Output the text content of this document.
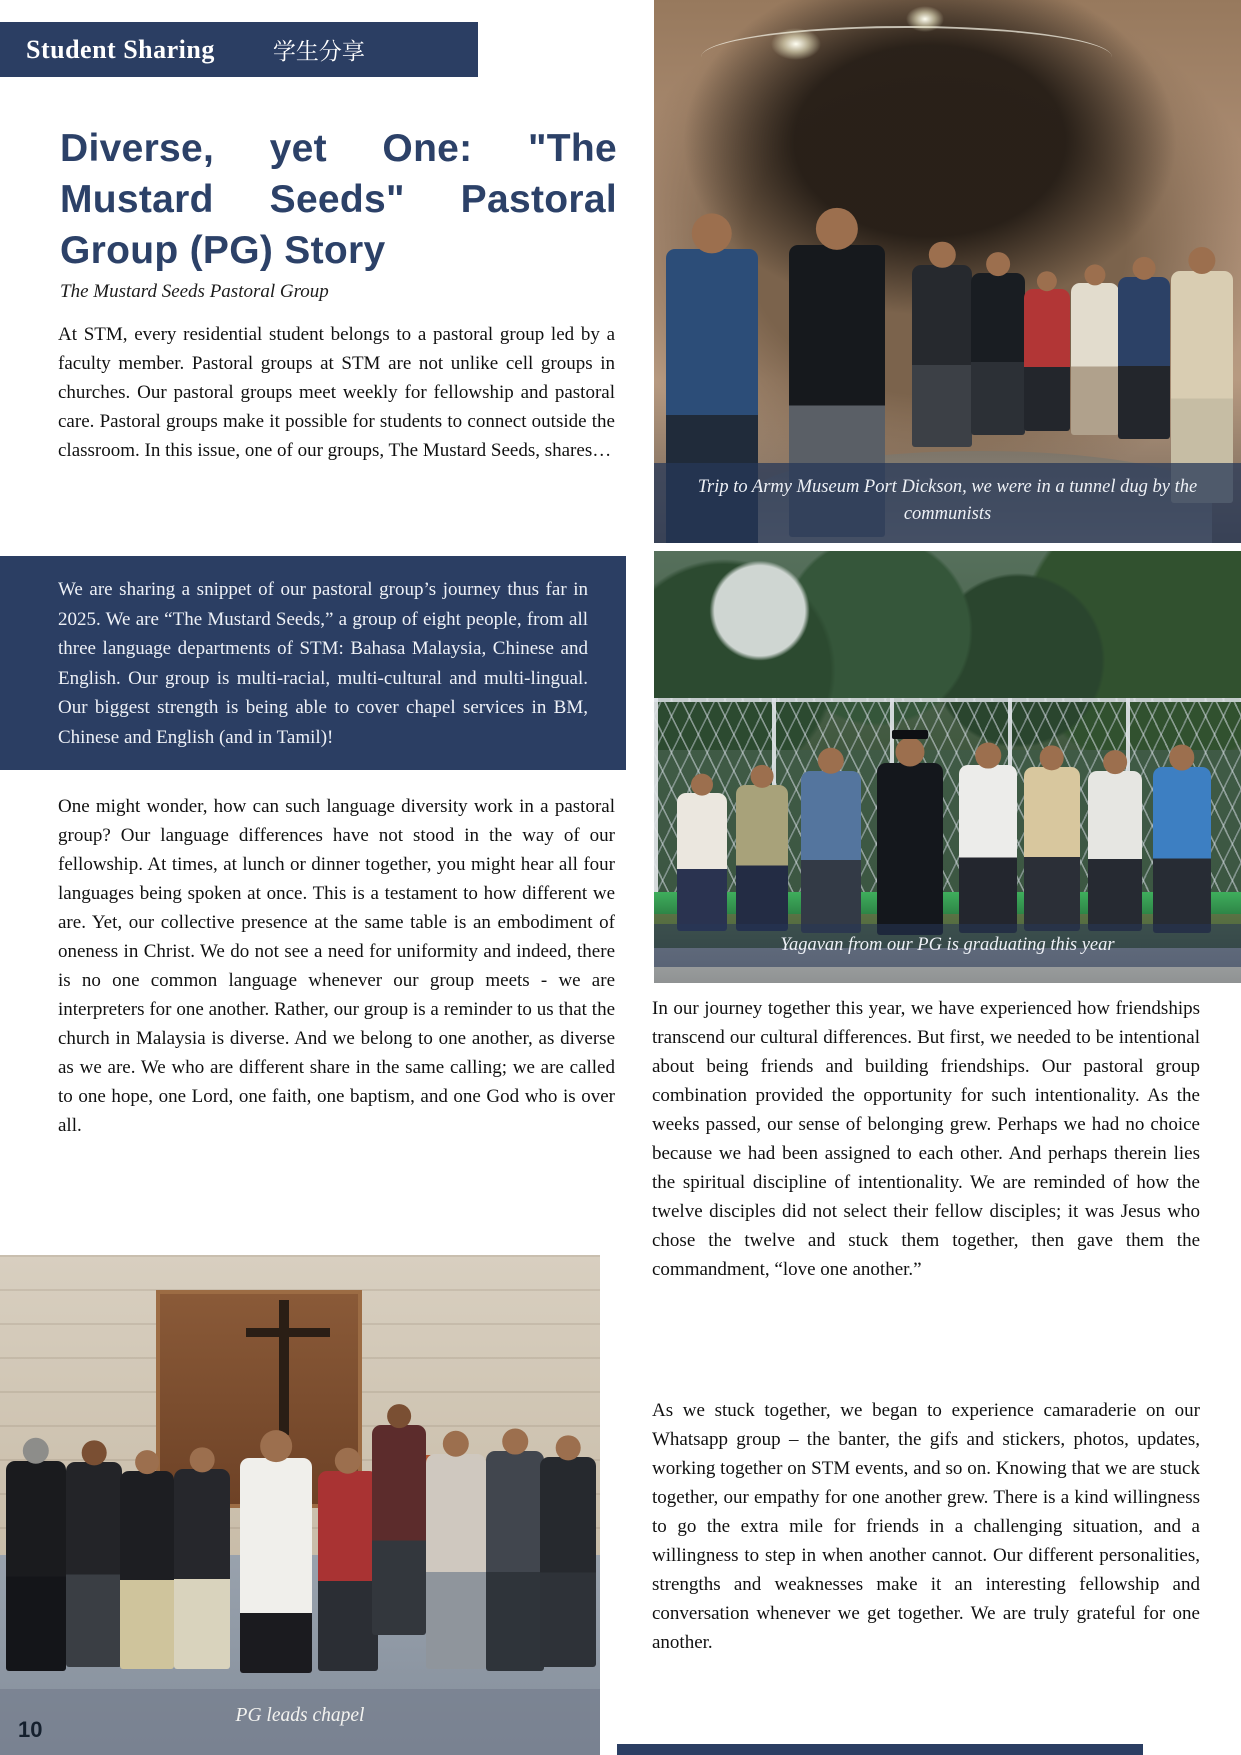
Student Sharing	学生分享
Diverse, yet One: "The
Mustard Seeds" Pastoral
Group (PG) Story
The Mustard Seeds Pastoral Group

At STM, every residential student belongs to a pastoral group led by a faculty member. Pastoral groups at STM are not unlike cell groups in churches. Our pastoral groups meet weekly for fellowship and pastoral care. Pastoral groups make it possible for students to connect outside the classroom. In this issue, one of our groups, The Mustard Seeds, shares…

We are sharing a snippet of our pastoral group’s journey thus far in 2025. We are “The Mustard Seeds,” a group of eight people, from all three language departments of STM: Bahasa Malaysia, Chinese and English. Our group is multi-racial, multi-cultural and multi-lingual. Our biggest strength is being able to cover chapel services in BM, Chinese and English (and in Tamil)!

One might wonder, how can such language diversity work in a pastoral group? Our language differences have not stood in the way of our fellowship. At times, at lunch or dinner together, you might hear all four languages being spoken at once. This is a testament to how different we are. Yet, our collective presence at the same table is an embodiment of oneness in Christ. We do not see a need for uniformity and indeed, there is no one common language whenever our group meets - we are interpreters for one another. Rather, our group is a reminder to us that the church in Malaysia is diverse. And we belong to one another, as diverse as we are. We who are different share in the same calling; we are called to one hope, one Lord, one faith, one baptism, and one God who is over all.

Trip to Army Museum Port Dickson, we were in a tunnel dug by the communists
Yagavan from our PG is graduating this year

In our journey together this year, we have experienced how friendships transcend our cultural differences. But first, we needed to be intentional about being friends and building friendships. Our pastoral group combination provided the opportunity for such intentionality. As the weeks passed, our sense of belonging grew. Perhaps we had no choice because we had been assigned to each other. And perhaps therein lies the spiritual discipline of intentionality. We are reminded of how the twelve disciples did not select their fellow disciples; it was Jesus who chose the twelve and stuck them together, then gave them the commandment, “love one another.”

As we stuck together, we began to experience camaraderie on our Whatsapp group – the banter, the gifs and stickers, photos, updates, working together on STM events, and so on. Knowing that we are stuck together, our empathy for one another grew. There is a kind willingness to go the extra mile for friends in a challenging situation, and a willingness to step in when another cannot. Our different personalities, strengths and weaknesses make it an interesting fellowship and conversation whenever we get together. We are truly grateful for one another.

PG leads chapel
10
